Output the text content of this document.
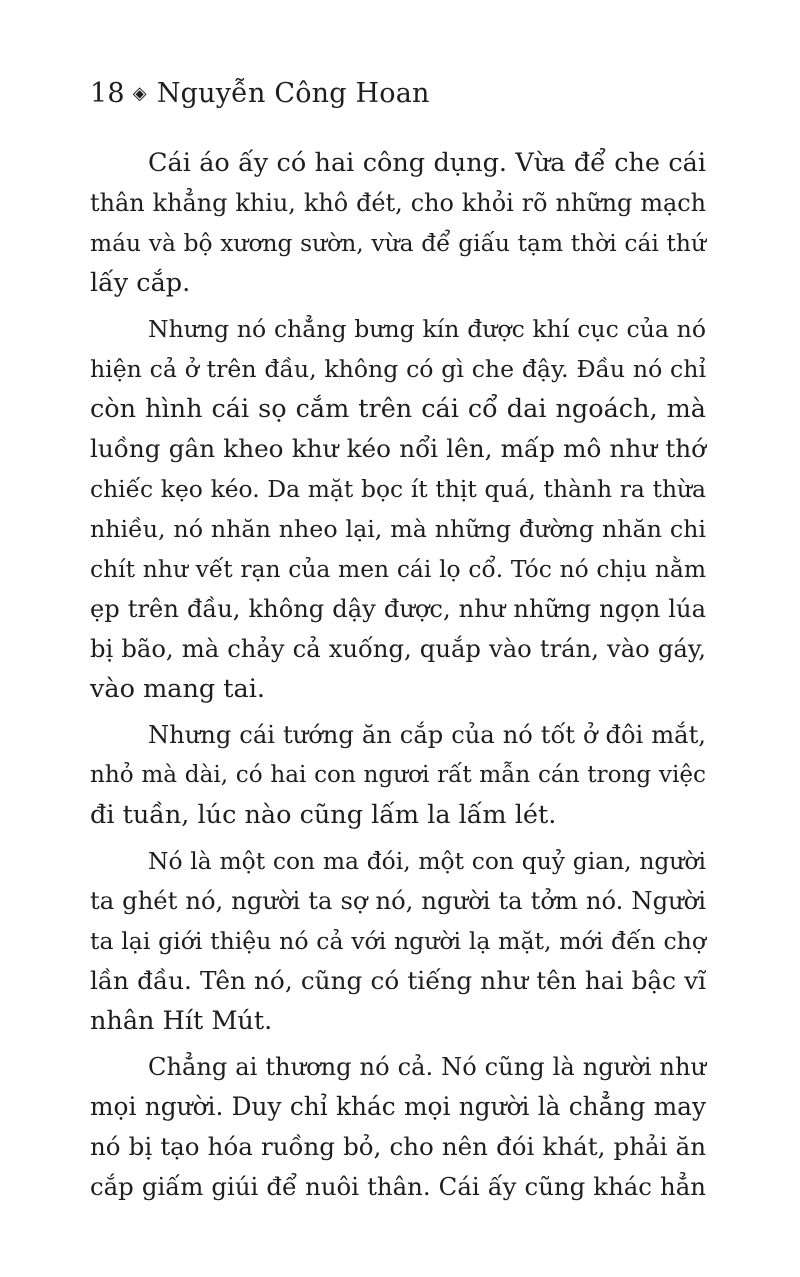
18 ◈ Nguyễn Công Hoan
Cái áo ấy có hai công dụng. Vừa để che cái
thân khẳng khiu, khô đét, cho khỏi rõ những mạch
máu và bộ xương sườn, vừa để giấu tạm thời cái thứ
lấy cắp.
Nhưng nó chẳng bưng kín được khí cục của nó
hiện cả ở trên đầu, không có gì che đậy. Đầu nó chỉ
còn hình cái sọ cắm trên cái cổ dai ngoách, mà
luồng gân kheo khư kéo nổi lên, mấp mô như thớ
chiếc kẹo kéo. Da mặt bọc ít thịt quá, thành ra thừa
nhiều, nó nhăn nheo lại, mà những đường nhăn chi
chít như vết rạn của men cái lọ cổ. Tóc nó chịu nằm
ẹp trên đầu, không dậy được, như những ngọn lúa
bị bão, mà chảy cả xuống, quắp vào trán, vào gáy,
vào mang tai.
Nhưng cái tướng ăn cắp của nó tốt ở đôi mắt,
nhỏ mà dài, có hai con ngươi rất mẫn cán trong việc
đi tuần, lúc nào cũng lấm la lấm lét.
Nó là một con ma đói, một con quỷ gian, người
ta ghét nó, người ta sợ nó, người ta tởm nó. Người
ta lại giới thiệu nó cả với người lạ mặt, mới đến chợ
lần đầu. Tên nó, cũng có tiếng như tên hai bậc vĩ
nhân Hít Mút.
Chẳng ai thương nó cả. Nó cũng là người như
mọi người. Duy chỉ khác mọi người là chẳng may
nó bị tạo hóa ruồng bỏ, cho nên đói khát, phải ăn
cắp giấm giúi để nuôi thân. Cái ấy cũng khác hẳn
